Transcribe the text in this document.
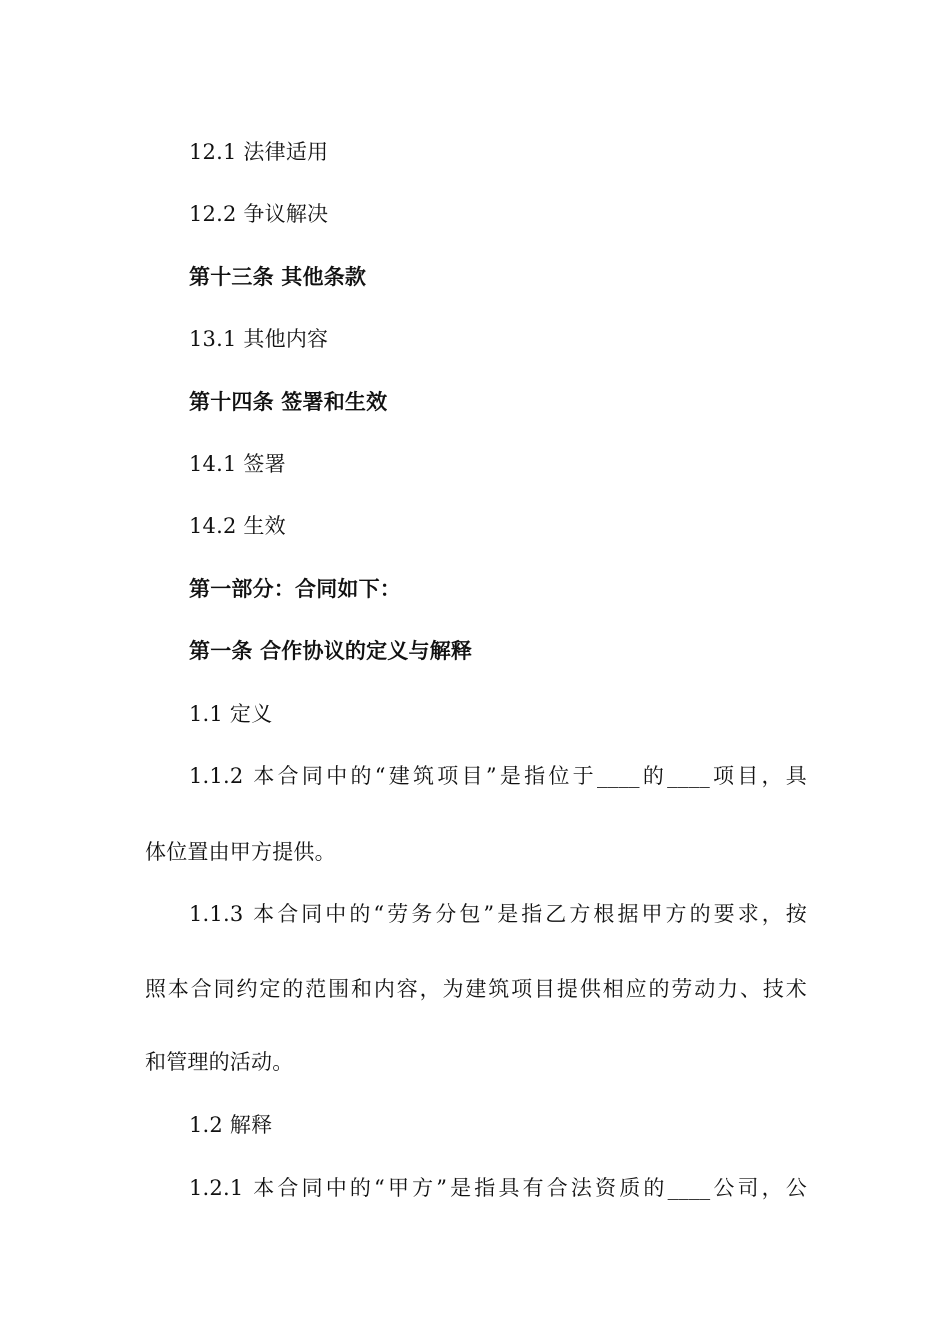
12.1 法律适用
12.2 争议解决
第十三条 其他条款
13.1 其他内容
第十四条 签署和生效
14.1 签署
14.2 生效
第一部分：合同如下：
第一条 合作协议的定义与解释
1.1 定义
1.1.2 本合同中的“建筑项目”是指位于____的____项目，具
体位置由甲方提供。
1.1.3 本合同中的“劳务分包”是指乙方根据甲方的要求，按
照本合同约定的范围和内容，为建筑项目提供相应的劳动力、技术
和管理的活动。
1.2 解释
1.2.1 本合同中的“甲方”是指具有合法资质的____公司，公
